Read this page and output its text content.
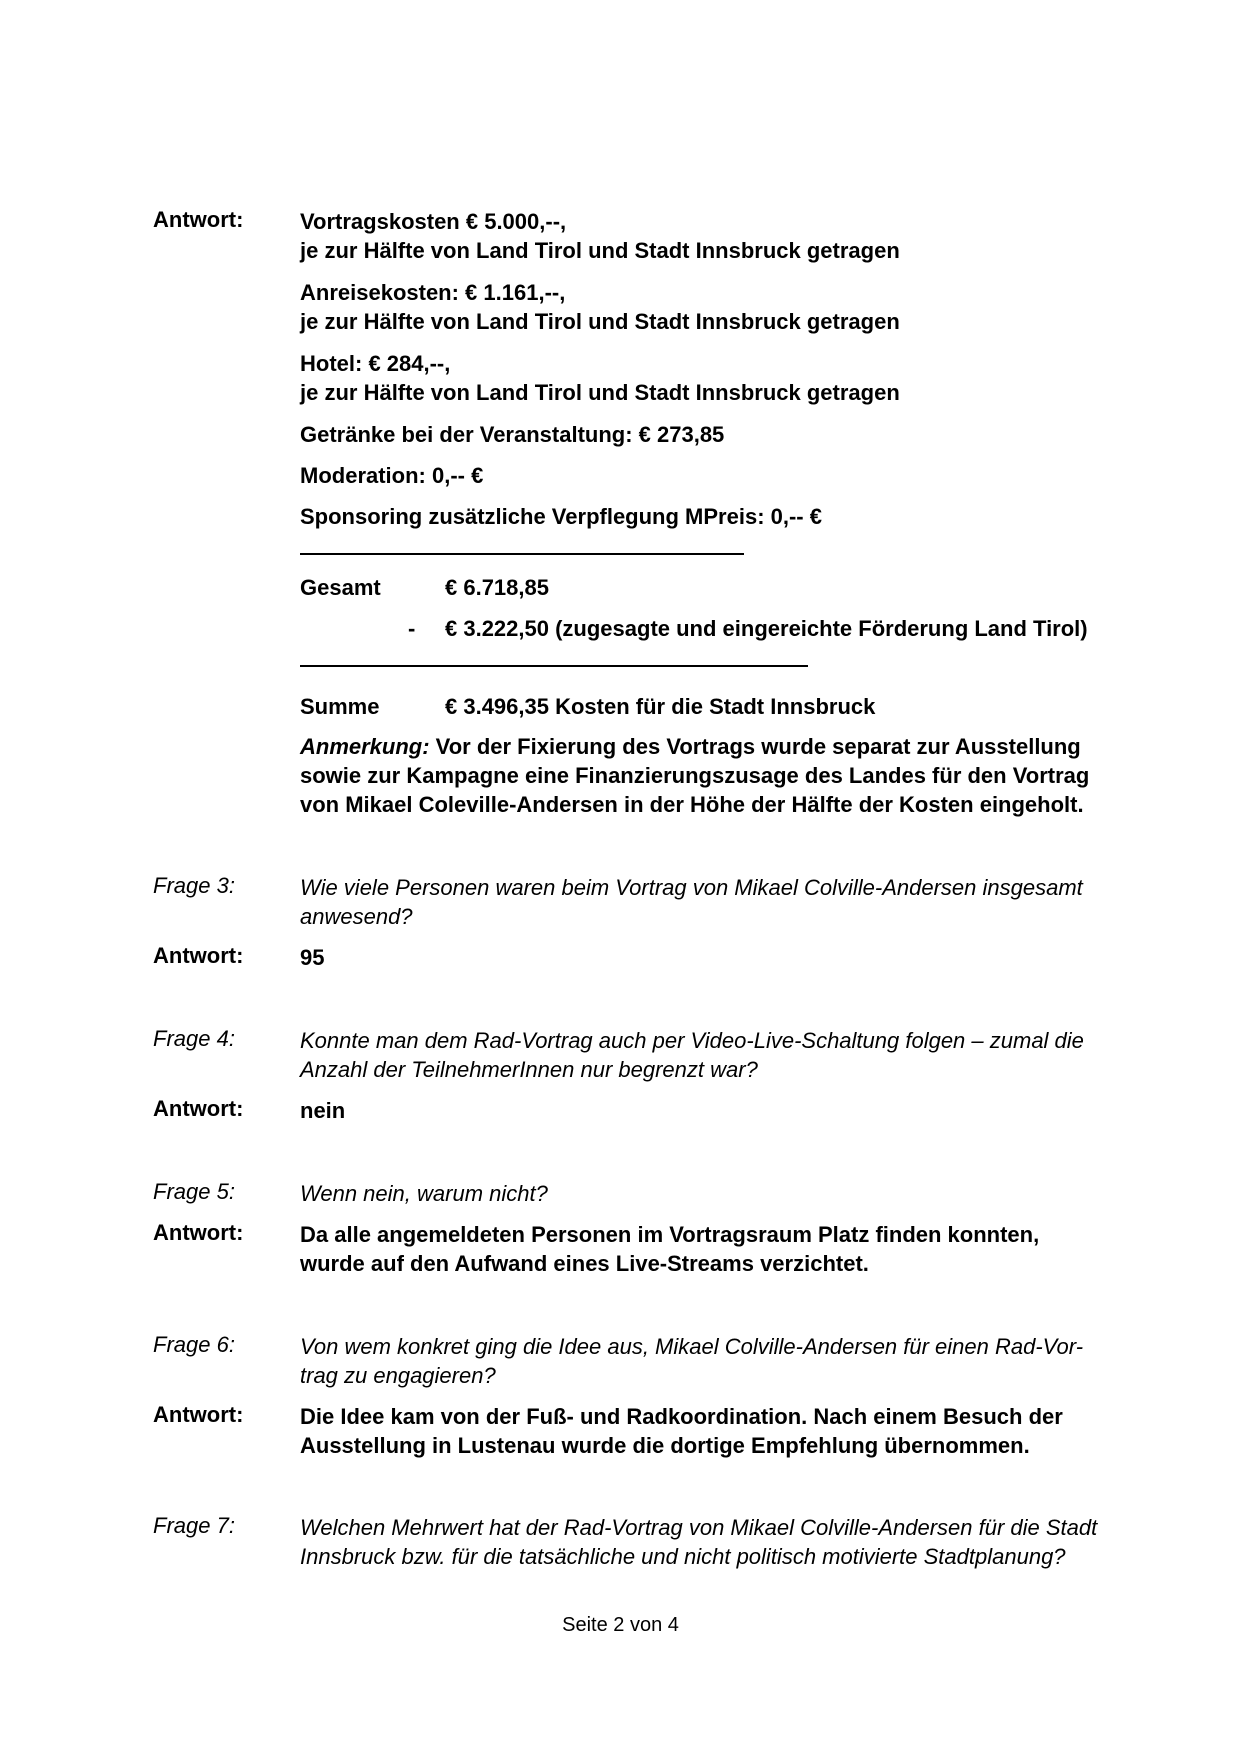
Antwort:	Vortragskosten € 5.000,--,
je zur Hälfte von Land Tirol und Stadt Innsbruck getragen
Anreisekosten: € 1.161,--,
je zur Hälfte von Land Tirol und Stadt Innsbruck getragen
Hotel: € 284,--,
je zur Hälfte von Land Tirol und Stadt Innsbruck getragen
Getränke bei der Veranstaltung: € 273,85
Moderation: 0,-- €
Sponsoring zusätzliche Verpflegung MPreis: 0,-- €
Gesamt	€ 6.718,85
- € 3.222,50 (zugesagte und eingereichte Förderung Land Tirol)
Summe	€ 3.496,35 Kosten für die Stadt Innsbruck
Anmerkung: Vor der Fixierung des Vortrags wurde separat zur Ausstellung
sowie zur Kampagne eine Finanzierungszusage des Landes für den Vortrag
von Mikael Coleville-Andersen in der Höhe der Hälfte der Kosten eingeholt.
Frage 3:	Wie viele Personen waren beim Vortrag von Mikael Colville-Andersen insgesamt
anwesend?
Antwort:	95
Frage 4:	Konnte man dem Rad-Vortrag auch per Video-Live-Schaltung folgen – zumal die
Anzahl der TeilnehmerInnen nur begrenzt war?
Antwort:	nein
Frage 5:	Wenn nein, warum nicht?
Antwort:	Da alle angemeldeten Personen im Vortragsraum Platz finden konnten,
wurde auf den Aufwand eines Live-Streams verzichtet.
Frage 6:	Von wem konkret ging die Idee aus, Mikael Colville-Andersen für einen Rad-Vor-
trag zu engagieren?
Antwort:	Die Idee kam von der Fuß- und Radkoordination. Nach einem Besuch der
Ausstellung in Lustenau wurde die dortige Empfehlung übernommen.
Frage 7:	Welchen Mehrwert hat der Rad-Vortrag von Mikael Colville-Andersen für die Stadt
Innsbruck bzw. für die tatsächliche und nicht politisch motivierte Stadtplanung?
Seite 2 von 4
